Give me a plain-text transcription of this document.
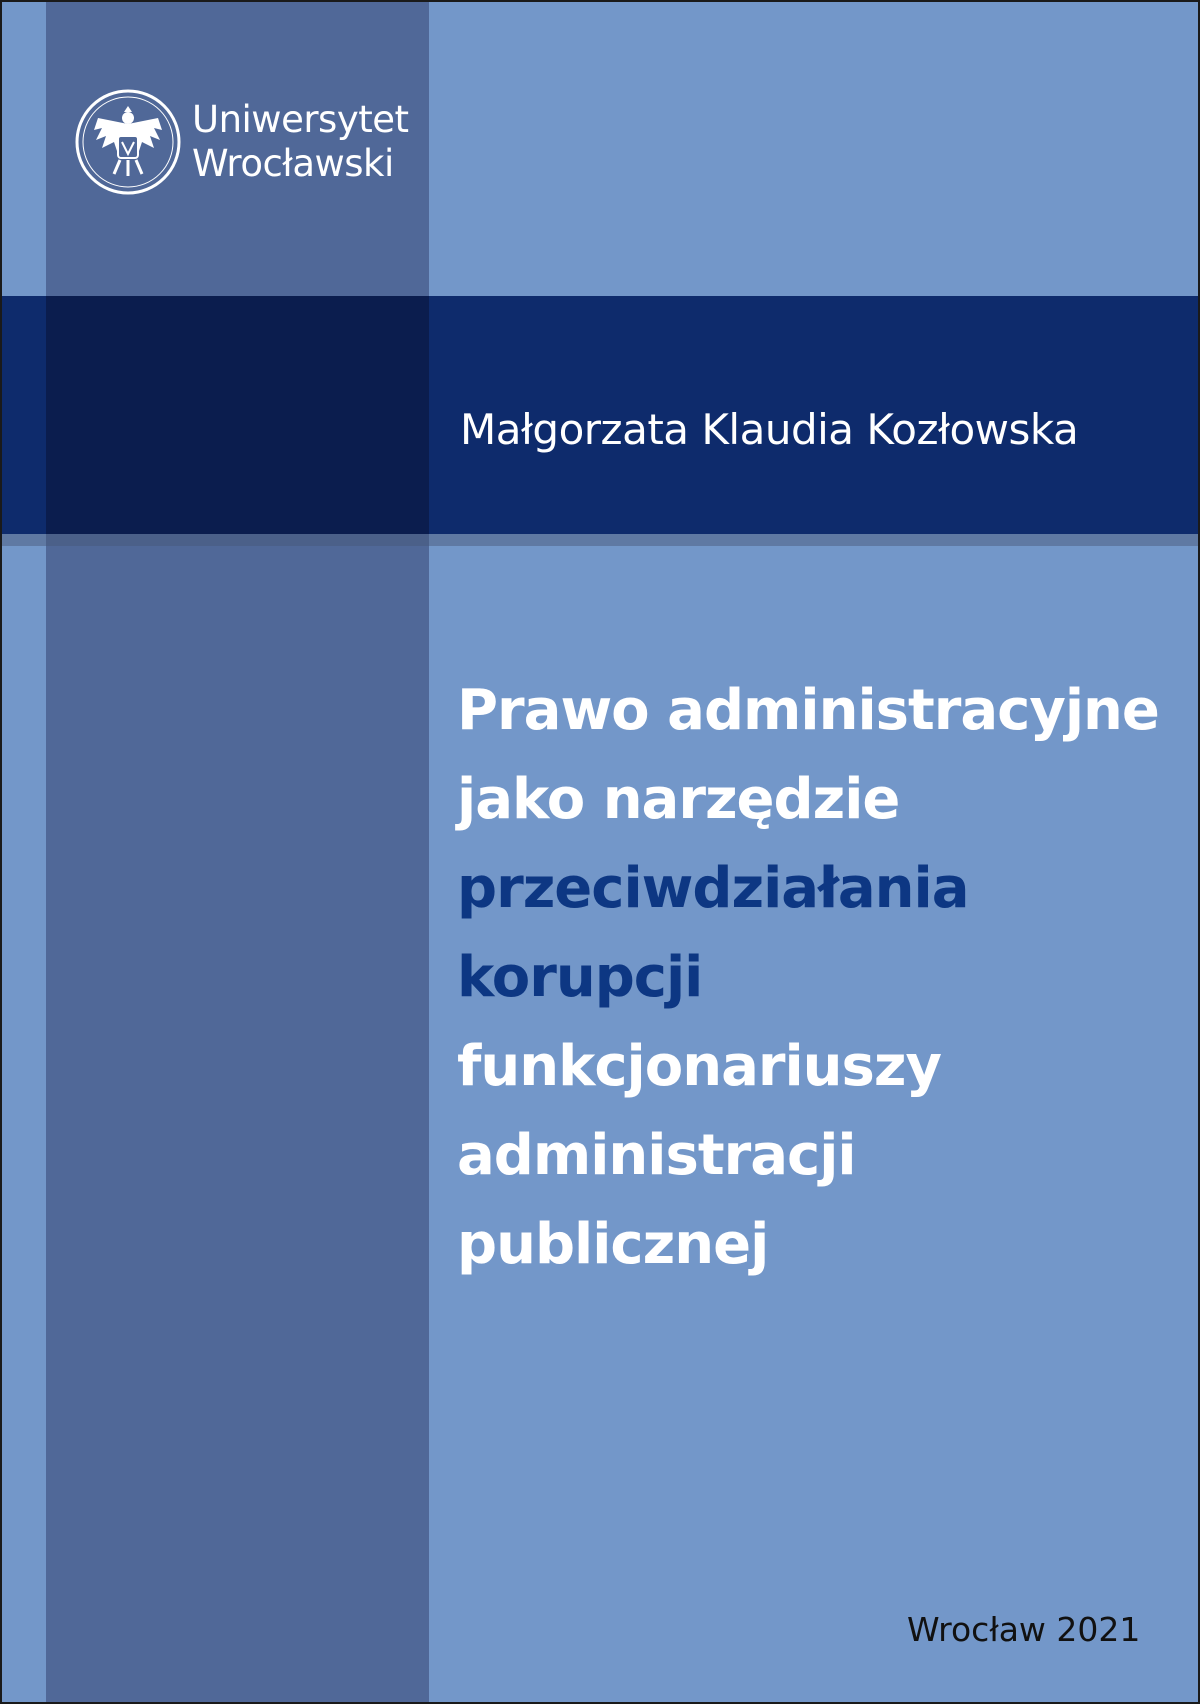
Uniwersytet
Wrocławski
Małgorzata Klaudia Kozłowska
Prawo administracyjne
jako narzędzie
przeciwdziałania
korupcji
funkcjonariuszy
administracji
publicznej
Wrocław 2021
